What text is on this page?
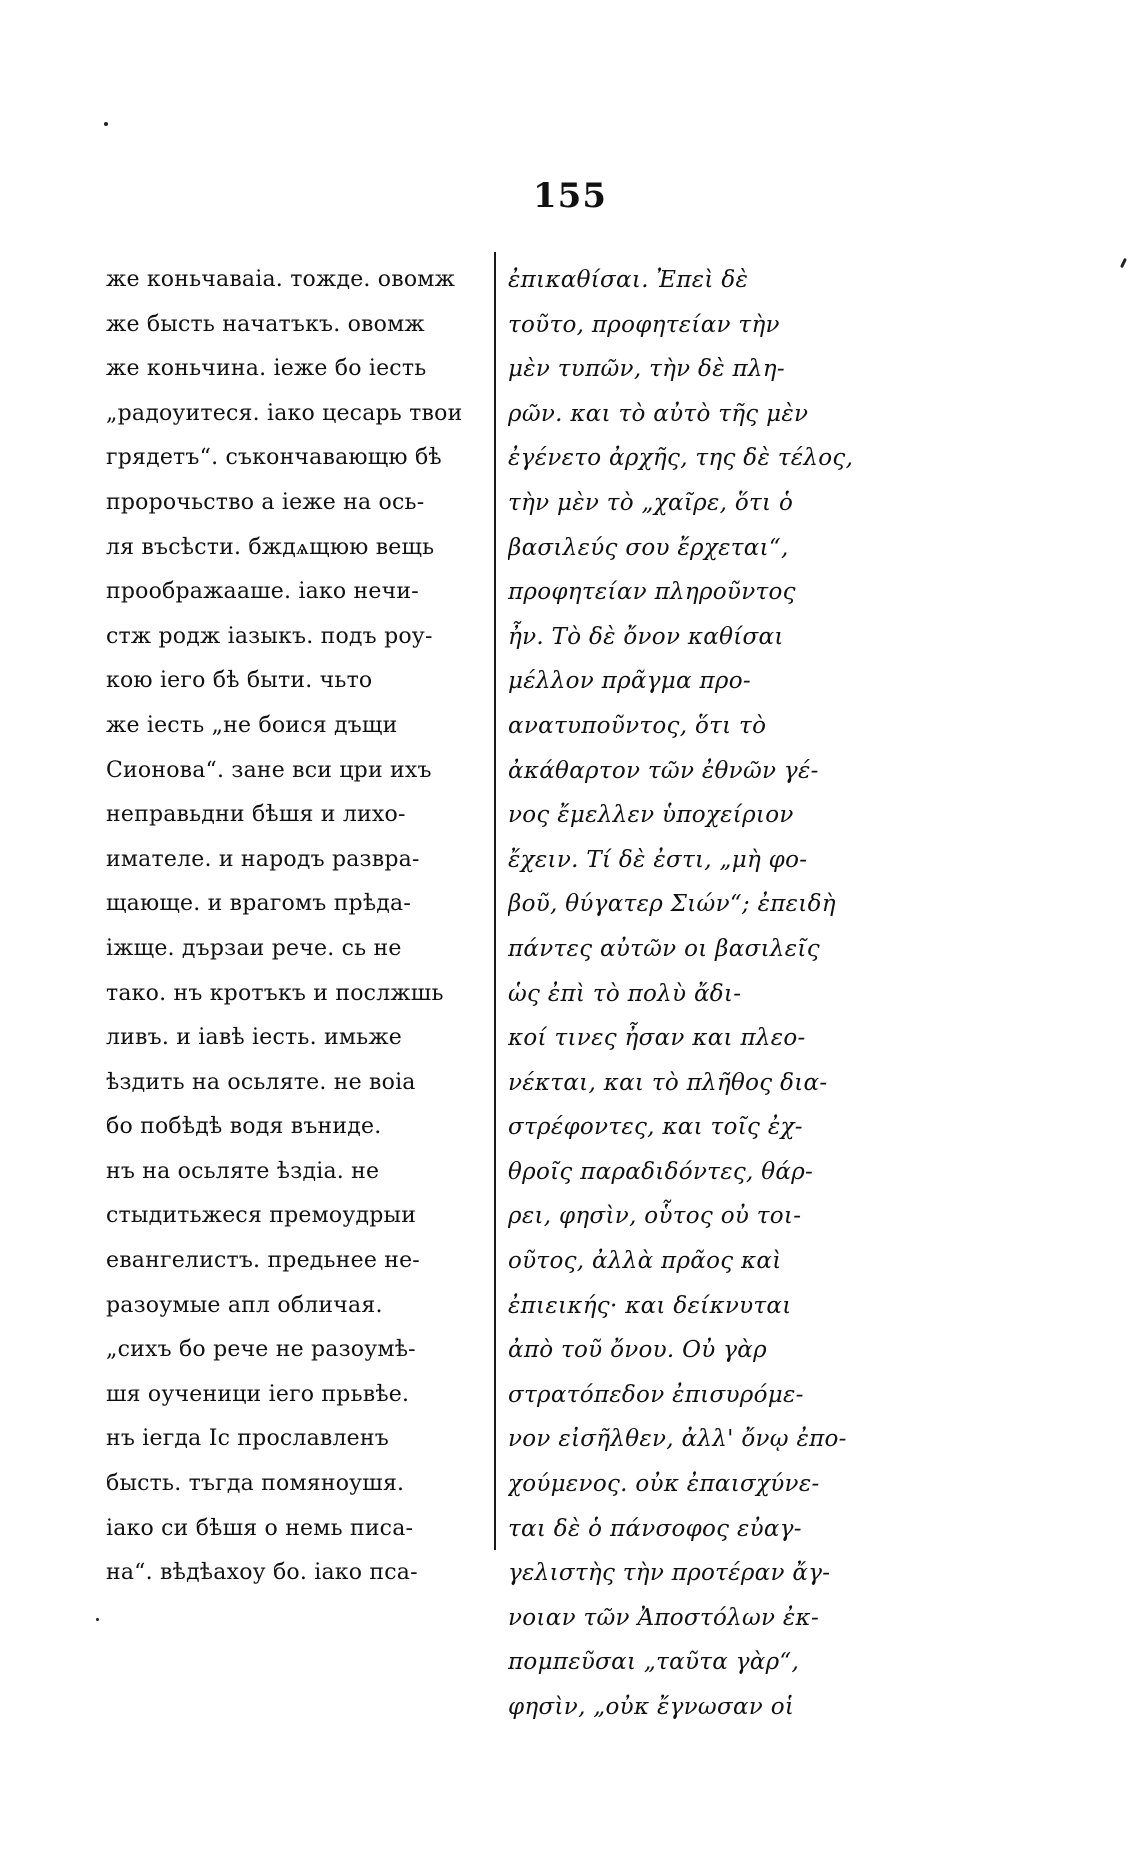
155
же коньчаваia. тожде. овомж
же бысть начатъкъ. овомж
же коньчина. iеже бо iесть
„радоуитеся. iако цесарь твои
грядетъ“. съкончавающю бѣ
пророчьство а iеже на ось-
ля въсѣсти. бждѧщюю вещь
проображааше. iако нечи-
стж родж iазыкъ. подъ роу-
кою iего бѣ быти. чьто
же iесть „не боися дъщи
Сионова“. зане вси цри ихъ
неправьдни бѣшя и лихо-
имателе. и народъ развра-
щающе. и врагомъ прѣда-
iжще. дързаи рече. сь не
тако. нъ кротъкъ и послжшь
ливъ. и iавѣ iесть. имьже
ѣздить на осьляте. не воia
бо побѣдѣ водя въниде.
нъ на осьляте ѣздia. не
стыдитьжеся премоудрыи
евангелистъ. предьнее не-
разоумые апл обличая.
„сихъ бо рече не разоумѣ-
шя оученици iего прьвѣе.
нъ iегда Іс прославленъ
бысть. тъгда помяноушя.
iако си бѣшя о немь писа-
на“. вѣдѣахоу бо. iако пса-
ἐπικαθίσαι. Ἐπεὶ δὲ
τοῦτο, προφητείαν τὴν
μὲν τυπῶν, τὴν δὲ πλη-
ρῶν. και τὸ αὐτὸ τῆς μὲν
ἐγένετο ἀρχῆς, της δὲ τέλος,
τὴν μὲν τὸ „χαῖρε, ὅτι ὁ
βασιλεύς σου ἔρχεται“,
προφητείαν πληροῦντος
ἦν. Τὸ δὲ ὄνον καθίσαι
μέλλον πρᾶγμα προ-
ανατυποῦντος, ὅτι τὸ
ἀκάθαρτον τῶν ἐθνῶν γέ-
νος ἔμελλεν ὑποχείριον
ἔχειν. Τί δὲ ἐστι, „μὴ φο-
βοῦ, θύγατερ Σιών“; ἐπειδὴ
πάντες αὐτῶν οι βασιλεῖς
ὡς ἐπὶ τὸ πολὺ ἄδι-
κοί τινες ἦσαν και πλεο-
νέκται, και τὸ πλῆθος δια-
στρέφοντες, και τοῖς ἐχ-
θροῖς παραδιδόντες, θάρ-
ρει, φησὶν, οὗτος οὐ τοι-
οῦτος, ἀλλὰ πρᾶος καὶ
ἐπιεικής· και δείκνυται
ἀπὸ τοῦ ὄνου. Οὐ γὰρ
στρατόπεδον ἐπισυρόμε-
νον εἰσῆλθεν, ἀλλ' ὄνῳ ἐπο-
χούμενος. οὐκ ἐπαισχύνε-
ται δὲ ὁ πάνσοφος εὐαγ-
γελιστὴς τὴν προτέραν ἄγ-
νοιαν τῶν Ἀποστόλων ἐκ-
πομπεῦσαι „ταῦτα γὰρ“,
φησὶν, „οὐκ ἔγνωσαν οἱ
